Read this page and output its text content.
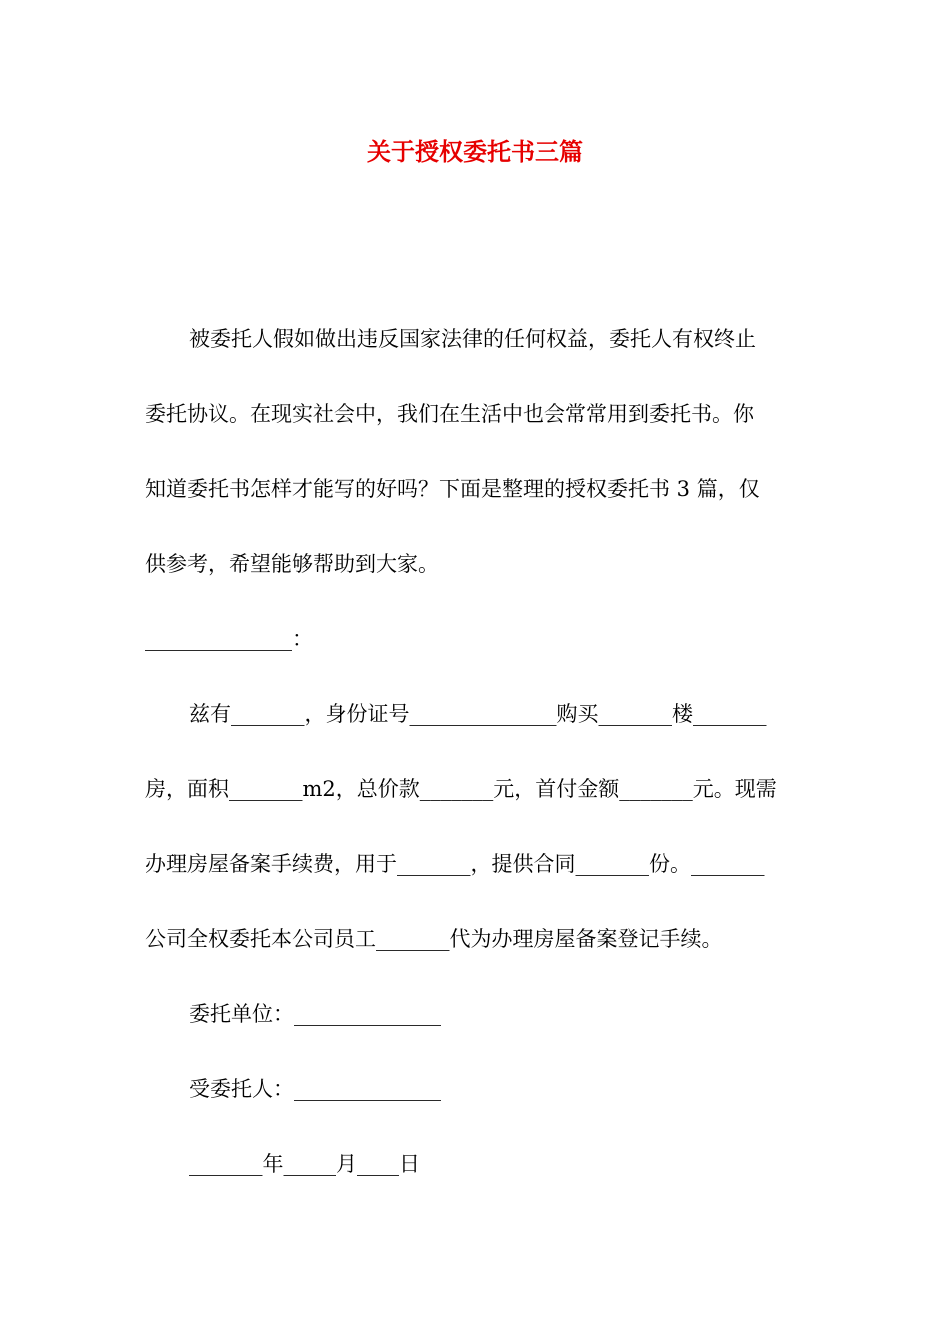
关于授权委托书三篇
被委托人假如做出违反国家法律的任何权益，委托人有权终止
委托协议。在现实社会中，我们在生活中也会常常用到委托书。你
知道委托书怎样才能写的好吗？下面是整理的授权委托书 3 篇，仅
供参考，希望能够帮助到大家。
______________：
兹有_______，身份证号______________购买_______楼_______
房，面积_______m2，总价款_______元，首付金额_______元。现需
办理房屋备案手续费，用于_______，提供合同_______份。_______
公司全权委托本公司员工_______代为办理房屋备案登记手续。
委托单位：______________
受委托人：______________
_______年_____月____日
